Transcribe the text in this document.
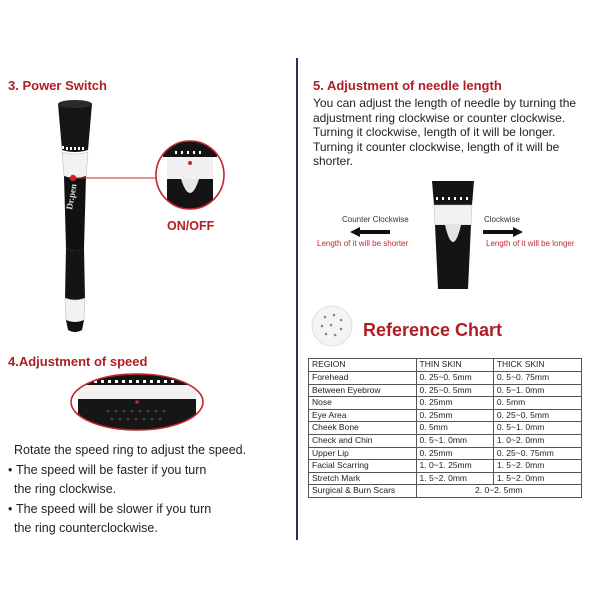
3. Power Switch
Dr.pen
ON/OFF
4.Adjustment of speed
Rotate the speed ring to adjust the speed.
• The speed will be faster if you turn
the ring clockwise.
• The speed will be slower if you turn
the ring counterclockwise.
5. Adjustment of needle length
You can adjust the length of needle by turning the adjustment ring clockwise or counter clockwise. Turning it clockwise, length of it will be longer. Turning it counter clockwise, length of it will be shorter.
Counter Clockwise
Length of it will be shorter
Clockwise
Length of it will be longer
Reference Chart
REGION	THIN SKIN	THICK SKIN
Forehead	0. 25~0. 5mm	0. 5~0. 75mm
Between Eyebrow	0. 25~0. 5mm	0. 5~1. 0mm
Nose	0. 25mm	0. 5mm
Eye Area	0. 25mm	0. 25~0. 5mm
Cheek Bone	0. 5mm	0. 5~1. 0mm
Check and Chin	0. 5~1. 0mm	1. 0~2. 0mm
Upper Lip	0. 25mm	0. 25~0. 75mm
Facial Scarring	1. 0~1. 25mm	1. 5~2. 0mm
Stretch Mark	1. 5~2. 0mm	1. 5~2. 0mm
Surgical & Burn Scars	2. 0~2. 5mm	
